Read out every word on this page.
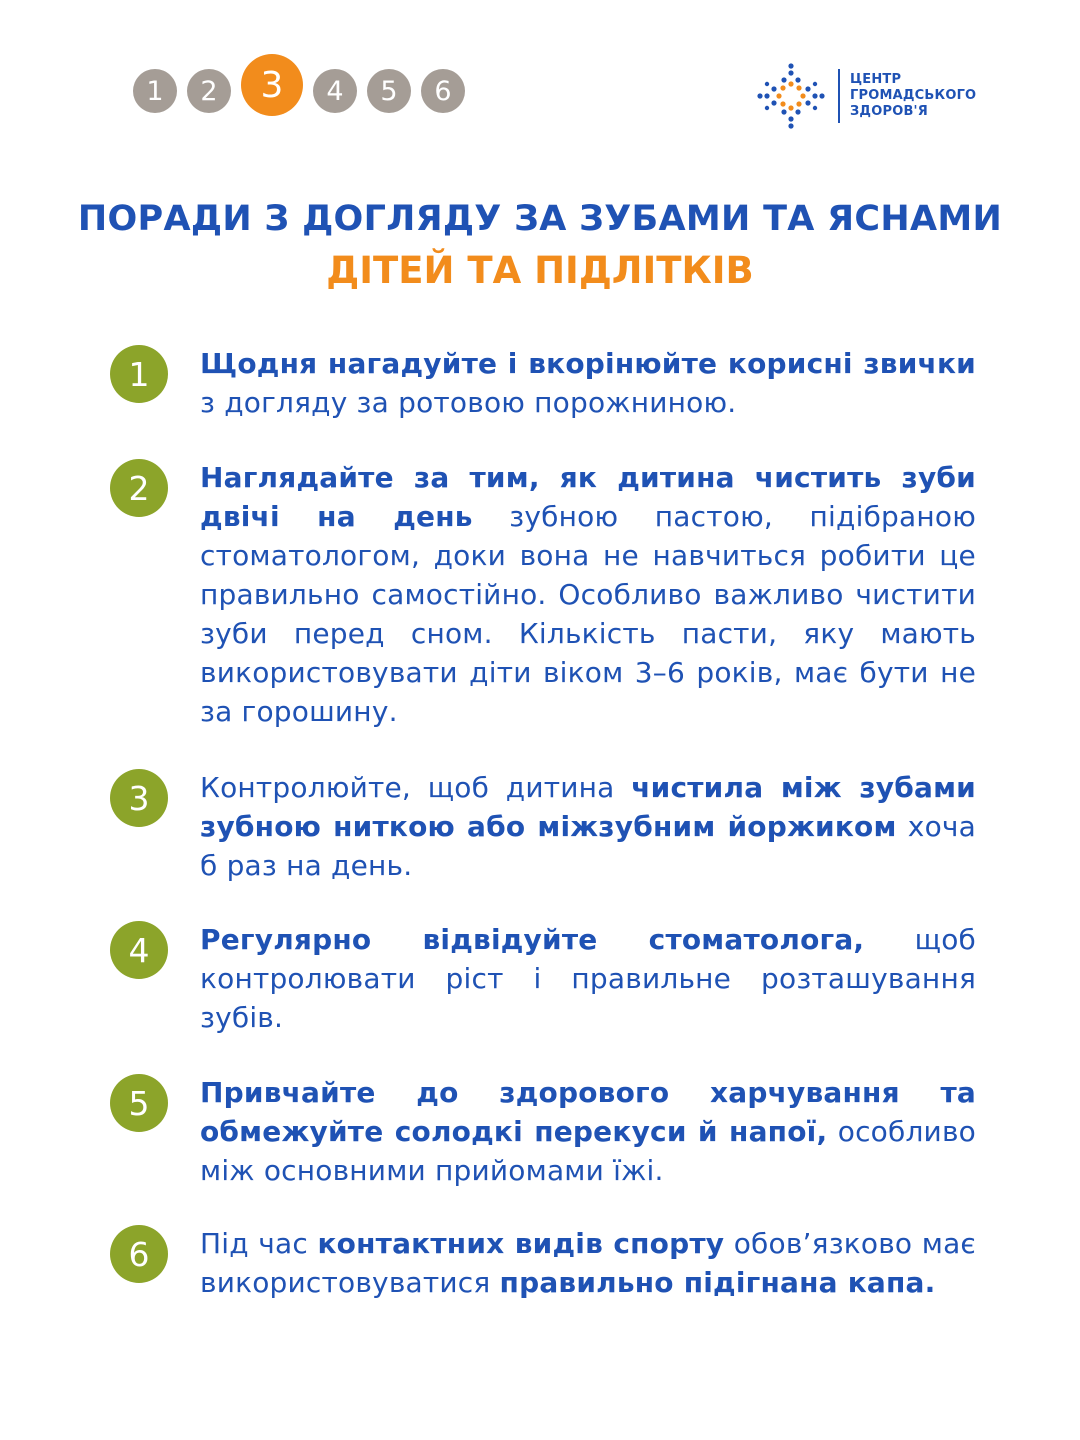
1	2	3	4	5	6	ЦЕНТР
ГРОМАДСЬКОГО
ЗДОРОВ'Я
ПОРАДИ З ДОГЛЯДУ ЗА ЗУБАМИ ТА ЯСНАМИ
ДІТЕЙ ТА ПІДЛІТКІВ
1	Щодня нагадуйте і вкорінюйте корисні звички з догляду за ротовою порожниною.

2	Наглядайте за тим, як дитина чистить зуби двічі на день зубною пастою, підібраною стоматологом, доки вона не навчиться робити це правильно самостійно. Особливо важливо чистити зуби перед сном. Кількість пасти, яку мають використовувати діти віком 3–6 років, має бути не за горошину.

3	Контролюйте, щоб дитина чистила між зубами зубною ниткою або міжзубним йоржиком хоча б раз на день.

4	Регулярно відвідуйте стоматолога, щоб контролювати ріст і правильне розташування зубів.

5	Привчайте до здорового харчування та обмежуйте солодкі перекуси й напої, особливо між основними прийомами їжі.

6	Під час контактних видів спорту обов’язково має використовуватися правильно підігнана капа.
